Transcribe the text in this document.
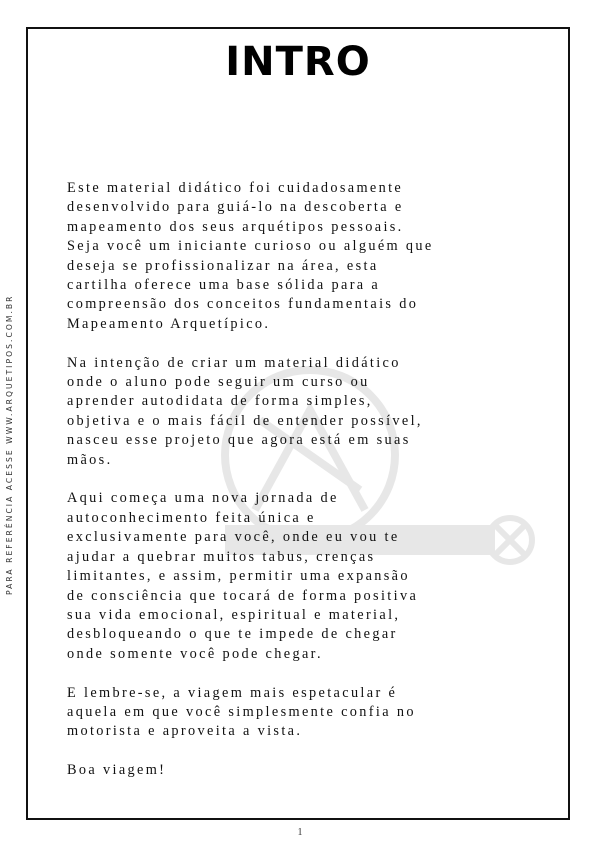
PARA REFERÊNCIA ACESSE WWW.ARQUETIPOS.COM.BR
INTRO

Este material didático foi cuidadosamente
desenvolvido para guiá-lo na descoberta e
mapeamento dos seus arquétipos pessoais.
Seja você um iniciante curioso ou alguém que
deseja se profissionalizar na área, esta
cartilha oferece uma base sólida para a
compreensão dos conceitos fundamentais do
Mapeamento Arquetípico.

Na intenção de criar um material didático
onde o aluno pode seguir um curso ou
aprender autodidata de forma simples,
objetiva e o mais fácil de entender possível,
nasceu esse projeto que agora está em suas
mãos.

Aqui começa uma nova jornada de
autoconhecimento feita única e
exclusivamente para você, onde eu vou te
ajudar a quebrar muitos tabus, crenças
limitantes, e assim, permitir uma expansão
de consciência que tocará de forma positiva
sua vida emocional, espiritual e material,
desbloqueando o que te impede de chegar
onde somente você pode chegar.

E lembre-se, a viagem mais espetacular é
aquela em que você simplesmente confia no
motorista e aproveita a vista.

Boa viagem!

1
